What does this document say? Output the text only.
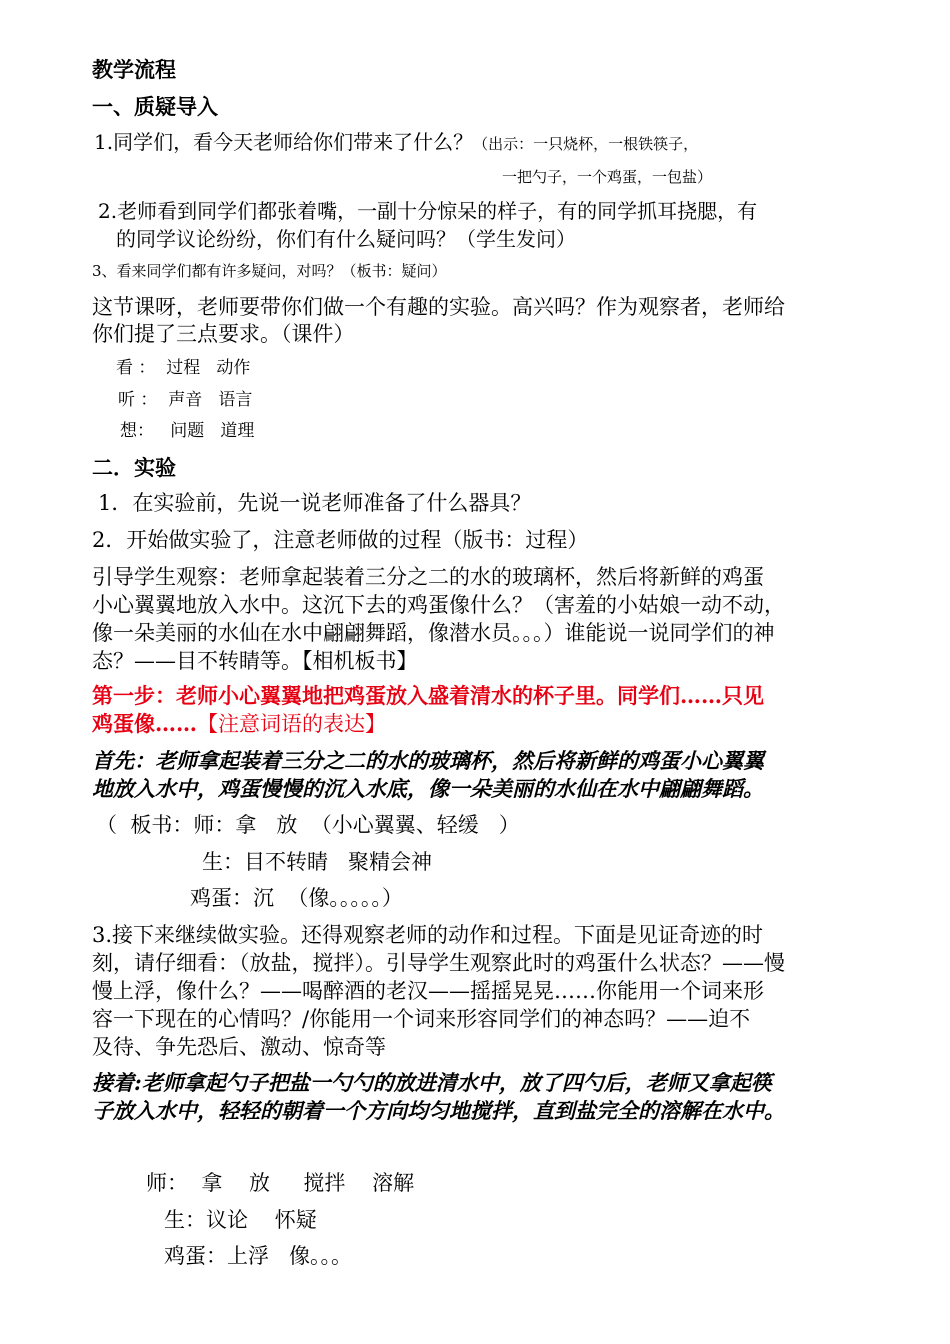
教学流程
一、质疑导入
1.同学们，看今天老师给你们带来了什么？（出示：一只烧杯，一根铁筷子，
一把勺子，一个鸡蛋，一包盐）
2.老师看到同学们都张着嘴，一副十分惊呆的样子，有的同学抓耳挠腮，有
的同学议论纷纷，你们有什么疑问吗？（学生发问）
3、看来同学们都有许多疑问，对吗？（板书：疑问）
这节课呀，老师要带你们做一个有趣的实验。高兴吗？作为观察者，老师给
你们提了三点要求。（课件）
看 ：  过程   动作
听 ：  声音   语言
想：   问题   道理
二．实验
1．在实验前，先说一说老师准备了什么器具？
2．开始做实验了，注意老师做的过程（版书：过程）
引导学生观察：老师拿起装着三分之二的水的玻璃杯，然后将新鲜的鸡蛋
小心翼翼地放入水中。这沉下去的鸡蛋像什么？（害羞的小姑娘一动不动，
像一朵美丽的水仙在水中翩翩舞蹈，像潜水员。。。）谁能说一说同学们的神
态？——目不转睛等。【相机板书】
第一步：老师小心翼翼地把鸡蛋放入盛着清水的杯子里。同学们……只见
鸡蛋像……【注意词语的表达】
首先：老师拿起装着三分之二的水的玻璃杯，然后将新鲜的鸡蛋小心翼翼
地放入水中，鸡蛋慢慢的沉入水底，像一朵美丽的水仙在水中翩翩舞蹈。
（  板书：师：拿   放  （小心翼翼、轻缓   ）
生：目不转睛   聚精会神
鸡蛋：沉  （像。。。。。）
3.接下来继续做实验。还得观察老师的动作和过程。下面是见证奇迹的时
刻，请仔细看：（放盐，搅拌）。引导学生观察此时的鸡蛋什么状态？——慢
慢上浮，像什么？——喝醉酒的老汉——摇摇晃晃……你能用一个词来形
容一下现在的心情吗？/你能用一个词来形容同学们的神态吗？——迫不
及待、争先恐后、激动、惊奇等
接着:老师拿起勺子把盐一勺勺的放进清水中，放了四勺后，老师又拿起筷
子放入水中，轻轻的朝着一个方向均匀地搅拌，直到盐完全的溶解在水中。
师：  拿    放     搅拌    溶解
生：议论    怀疑
鸡蛋：上浮   像。。。
